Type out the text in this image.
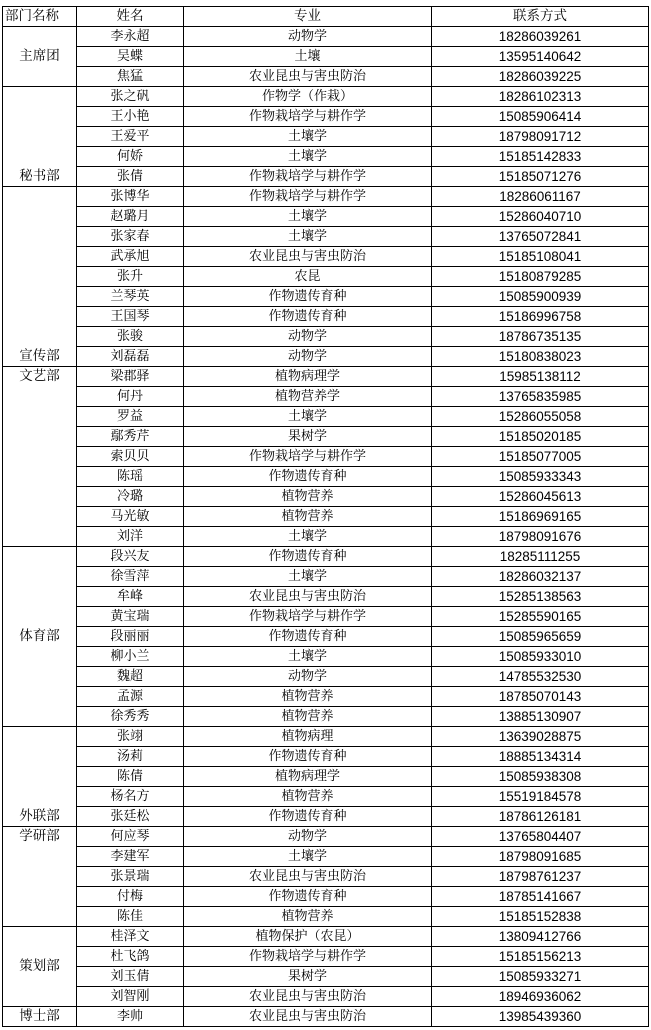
部门名称	姓名	专业	联系方式
主席团	李永超	动物学	18286039261
	吴蝶	土壤	13595140642
	焦猛	农业昆虫与害虫防治	18286039225
秘书部	张之矾	作物学（作栽）	18286102313
	王小艳	作物栽培学与耕作学	15085906414
	王爱平	土壤学	18798091712
	何娇	土壤学	15185142833
	张倩	作物栽培学与耕作学	15185071276
宣传部	张博华	作物栽培学与耕作学	18286061167
	赵璐月	土壤学	15286040710
	张家春	土壤学	13765072841
	武承旭	农业昆虫与害虫防治	15185108041
	张升	农昆	15180879285
	兰琴英	作物遗传育种	15085900939
	王国琴	作物遗传育种	15186996758
	张骏	动物学	18786735135
	刘磊磊	动物学	15180838023
文艺部	梁郡驿	植物病理学	15985138112
	何丹	植物营养学	13765835985
	罗益	土壤学	15286055058
	鄢秀芹	果树学	15185020185
	索贝贝	作物栽培学与耕作学	15185077005
	陈瑶	作物遗传育种	15085933343
	冷璐	植物营养	15286045613
	马光敏	植物营养	15186969165
	刘洋	土壤学	18798091676
体育部	段兴友	作物遗传育种	18285111255
	徐雪萍	土壤学	18286032137
	牟峰	农业昆虫与害虫防治	15285138563
	黄宝瑞	作物栽培学与耕作学	15285590165
	段丽丽	作物遗传育种	15085965659
	柳小兰	土壤学	15085933010
	魏超	动物学	14785532530
	孟源	植物营养	18785070143
	徐秀秀	植物营养	13885130907
外联部	张翊	植物病理	13639028875
	汤莉	作物遗传育种	18885134314
	陈倩	植物病理学	15085938308
	杨名方	植物营养	15519184578
	张廷松	作物遗传育种	18786126181
学研部	何应琴	动物学	13765804407
	李建军	土壤学	18798091685
	张景瑞	农业昆虫与害虫防治	18798761237
	付梅	作物遗传育种	18785141667
	陈佳	植物营养	15185152838
策划部	桂泽文	植物保护（农昆）	13809412766
	杜飞鸽	作物栽培学与耕作学	15185156213
	刘玉倩	果树学	15085933271
	刘智刚	农业昆虫与害虫防治	18946936062
博士部	李帅	农业昆虫与害虫防治	13985439360
